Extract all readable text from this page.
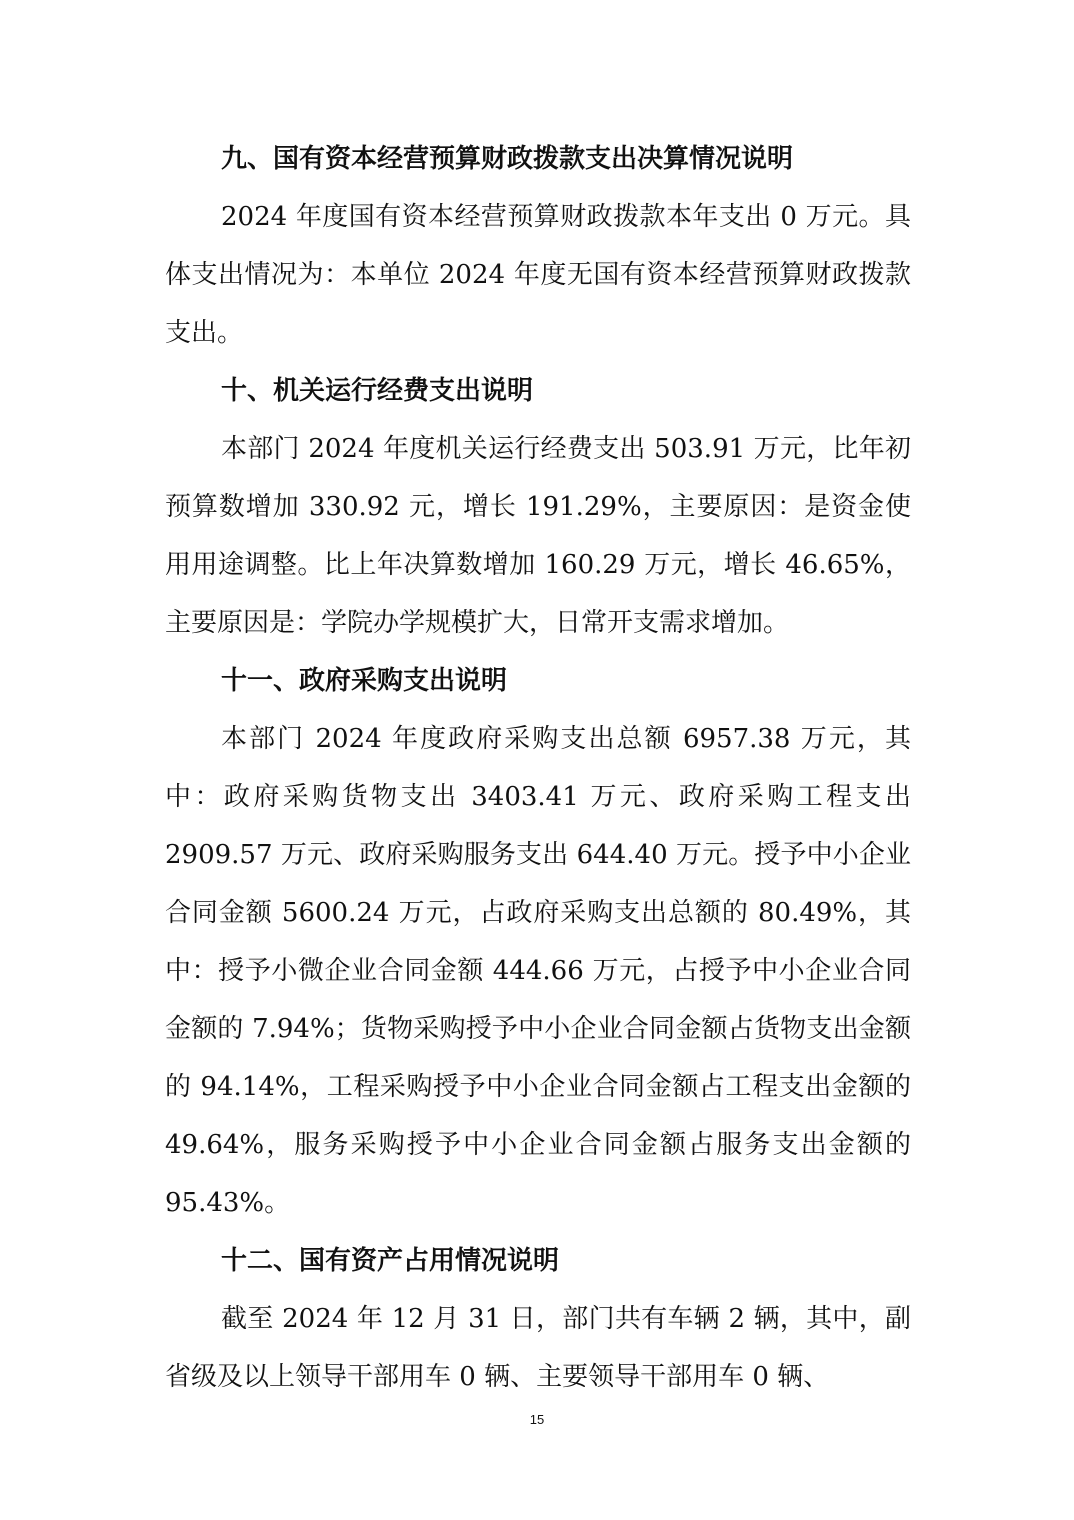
九、国有资本经营预算财政拨款支出决算情况说明

2024 年度国有资本经营预算财政拨款本年支出 0 万元。具体支出情况为：本单位 2024 年度无国有资本经营预算财政拨款支出。

十、机关运行经费支出说明

本部门 2024 年度机关运行经费支出 503.91 万元，比年初预算数增加 330.92 元，增长 191.29%，主要原因：是资金使用用途调整。比上年决算数增加 160.29 万元，增长 46.65%，主要原因是：学院办学规模扩大，日常开支需求增加。

十一、政府采购支出说明

本部门 2024 年度政府采购支出总额 6957.38 万元，其中：政府采购货物支出 3403.41 万元、政府采购工程支出 2909.57 万元、政府采购服务支出 644.40 万元。授予中小企业合同金额 5600.24 万元，占政府采购支出总额的 80.49%，其中：授予小微企业合同金额 444.66 万元，占授予中小企业合同金额的 7.94%；货物采购授予中小企业合同金额占货物支出金额的 94.14%，工程采购授予中小企业合同金额占工程支出金额的 49.64%，服务采购授予中小企业合同金额占服务支出金额的 95.43%。

十二、国有资产占用情况说明

截至 2024 年 12 月 31 日，部门共有车辆 2 辆，其中，副省级及以上领导干部用车 0 辆、主要领导干部用车 0 辆、

15
